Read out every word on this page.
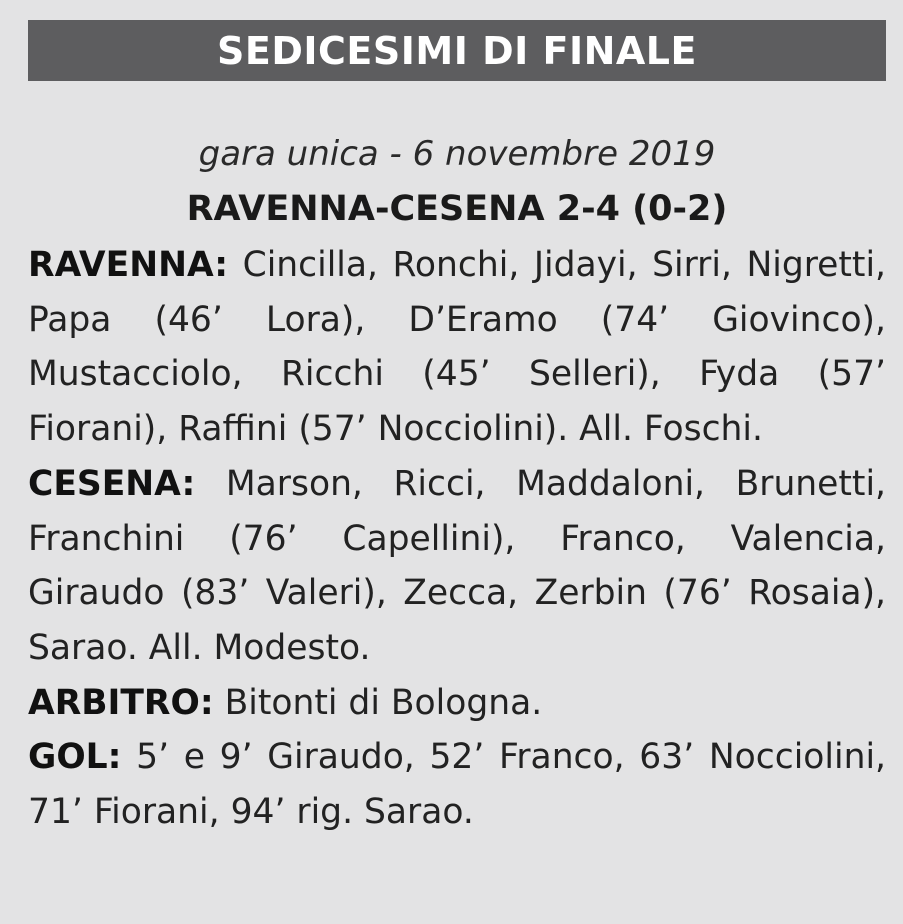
SEDICESIMI DI FINALE
gara unica - 6 novembre 2019
RAVENNA-CESENA 2-4 (0-2)

RAVENNA: Cincilla, Ronchi, Jidayi, Sirri, Nigretti, Papa (46’ Lora), D’Eramo (74’ Giovinco), Mustacciolo, Ricchi (45’ Selleri), Fyda (57’ Fiorani), Raffini (57’ Nocciolini). All. Foschi.

CESENA: Marson, Ricci, Maddaloni, Brunetti, Franchini (76’ Capellini), Franco, Valencia, Giraudo (83’ Valeri), Zecca, Zerbin (76’ Rosaia), Sarao. All. Modesto.

ARBITRO: Bitonti di Bologna.

GOL: 5’ e 9’ Giraudo, 52’ Franco, 63’ Nocciolini, 71’ Fiorani, 94’ rig. Sarao.
